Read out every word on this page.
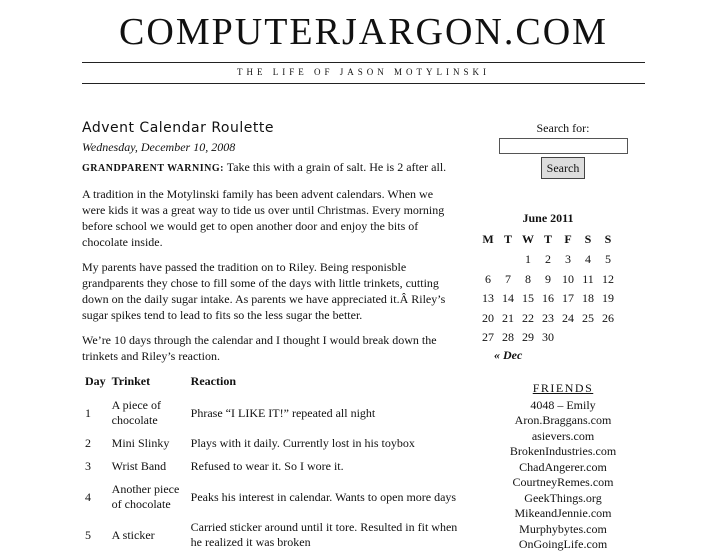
COMPUTERJARGON.COM
THE LIFE OF JASON MOTYLINSKI
Advent Calendar Roulette
Wednesday, December 10, 2008

GRANDPARENT WARNING: Take this with a grain of salt. He is 2 after all.

A tradition in the Motylinski family has been advent calendars. When we were kids it was a great way to tide us over until Christmas. Every morning before school we would get to open another door and enjoy the bits of chocolate inside.

My parents have passed the tradition on to Riley. Being responisble grandparents they chose to fill some of the days with little trinkets, cutting down on the daily sugar intake. As parents we have appreciated it.Â Riley’s sugar spikes tend to lead to fits so the less sugar the better.

We’re 10 days through the calendar and I thought I would break down the trinkets and Riley’s reaction.

Day	Trinket	Reaction
1	A piece of chocolate	Phrase “I LIKE IT!” repeated all night
2	Mini Slinky	Plays with it daily. Currently lost in his toybox
3	Wrist Band	Refused to wear it. So I wore it.
4	Another piece of chocolate	Peaks his interest in calendar. Wants to open more days
5	A sticker	Carried sticker around until it tore. Resulted in fit when he realized it was broken
Search for:
Search
June 2011
M	T	W	T	F	S	S
		1	2	3	4	5
6	7	8	9	10	11	12
13	14	15	16	17	18	19
20	21	22	23	24	25	26
27	28	29	30			
« Dec
FRIENDS
4048 – Emily
Aron.Braggans.com
asievers.com
BrokenIndustries.com
ChadAngerer.com
CourtneyRemes.com
GeekThings.org
MikeandJennie.com
Murphybytes.com
OnGoingLife.com
